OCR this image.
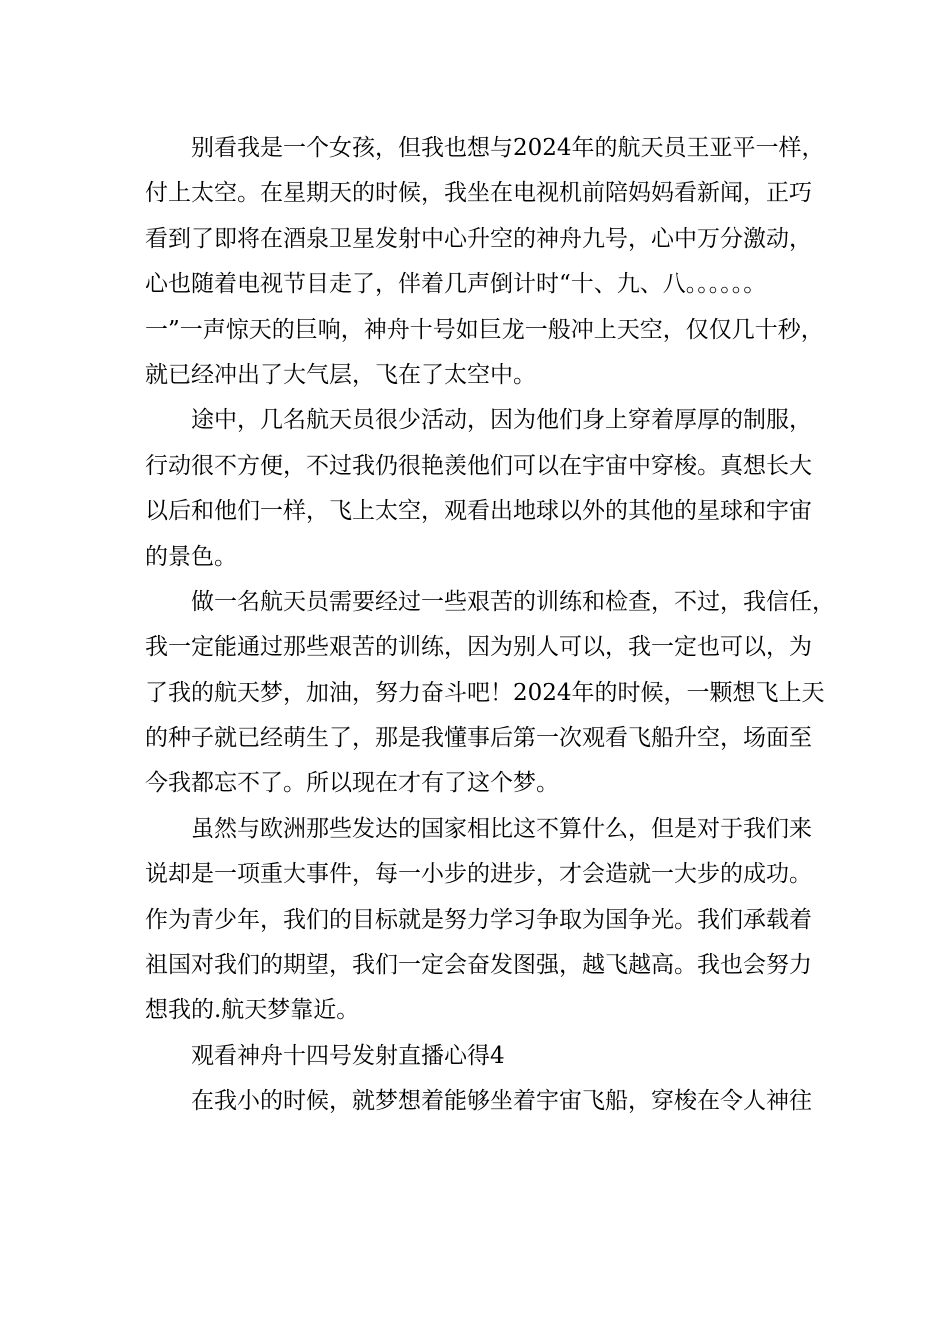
别看我是一个女孩，但我也想与2024年的航天员王亚平一样，
付上太空。在星期天的时候，我坐在电视机前陪妈妈看新闻，正巧
看到了即将在酒泉卫星发射中心升空的神舟九号，心中万分激动，
心也随着电视节目走了，伴着几声倒计时“十、九、八。。。。。。
一”一声惊天的巨响，神舟十号如巨龙一般冲上天空，仅仅几十秒，
就已经冲出了大气层，飞在了太空中。
途中，几名航天员很少活动，因为他们身上穿着厚厚的制服，
行动很不方便，不过我仍很艳羡他们可以在宇宙中穿梭。真想长大
以后和他们一样，飞上太空，观看出地球以外的其他的星球和宇宙
的景色。
做一名航天员需要经过一些艰苦的训练和检查，不过，我信任，
我一定能通过那些艰苦的训练，因为别人可以，我一定也可以，为
了我的航天梦，加油，努力奋斗吧！2024年的时候，一颗想飞上天
的种子就已经萌生了，那是我懂事后第一次观看飞船升空，场面至
今我都忘不了。所以现在才有了这个梦。
虽然与欧洲那些发达的国家相比这不算什么，但是对于我们来
说却是一项重大事件，每一小步的进步，才会造就一大步的成功。
作为青少年，我们的目标就是努力学习争取为国争光。我们承载着
祖国对我们的期望，我们一定会奋发图强，越飞越高。我也会努力
想我的.航天梦靠近。
观看神舟十四号发射直播心得4
在我小的时候，就梦想着能够坐着宇宙飞船，穿梭在令人神往
